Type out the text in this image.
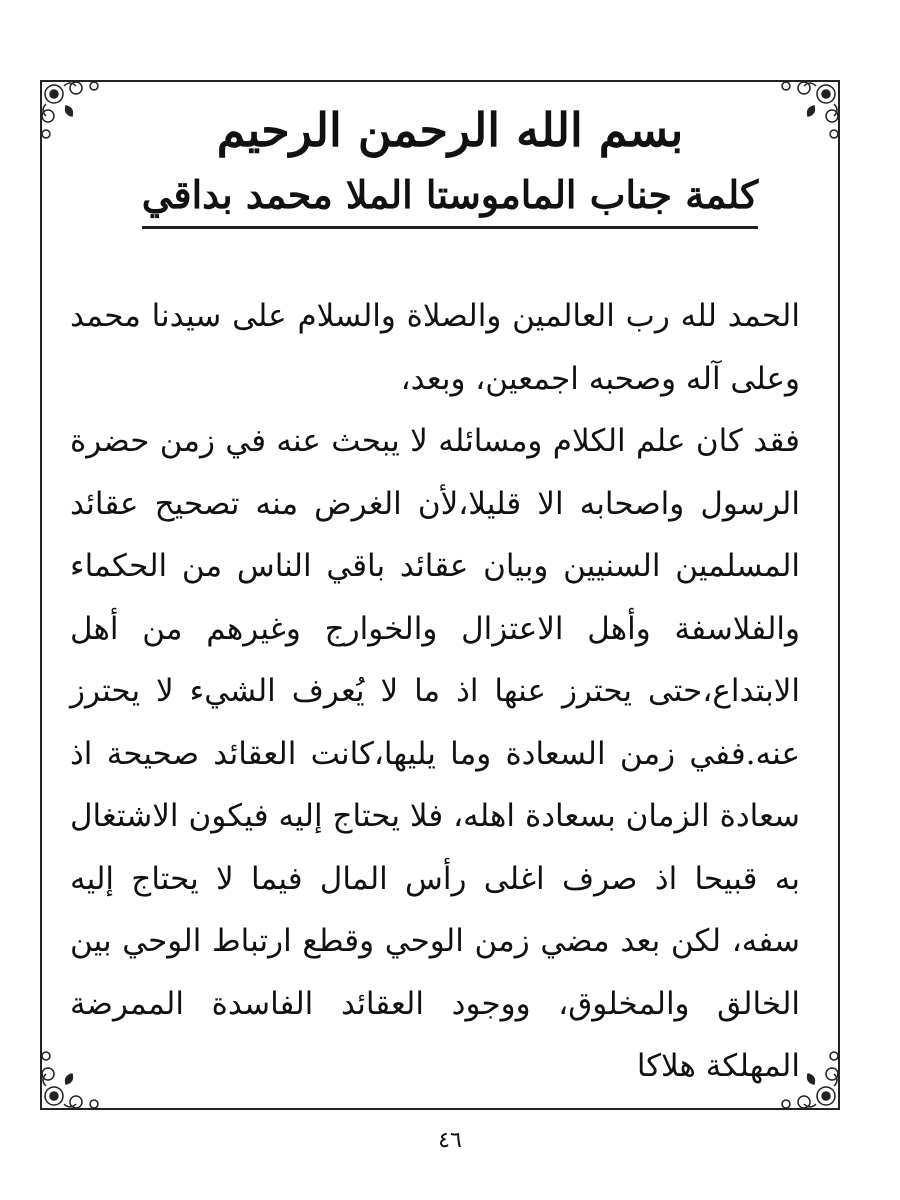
بسم الله الرحمن الرحيم

كلمة جناب الماموستا الملا محمد بداقي

الحمد لله رب العالمين والصلاة والسلام على سيدنا محمد وعلى آله وصحبه اجمعين، وبعد،

فقد كان علم الكلام ومسائله لا يبحث عنه في زمن حضرة الرسول واصحابه الا قليلا،لأن الغرض منه تصحيح عقائد المسلمين السنيين وبيان عقائد باقي الناس من الحكماء والفلاسفة وأهل الاعتزال والخوارج وغيرهم من أهل الابتداع،حتى يحترز عنها اذ ما لا يُعرف الشيء لا يحترز عنه.ففي زمن السعادة وما يليها،كانت العقائد صحيحة اذ سعادة الزمان بسعادة اهله، فلا يحتاج إليه فيكون الاشتغال به قبيحا اذ صرف اغلى رأس المال فيما لا يحتاج إليه سفه، لكن بعد مضي زمن الوحي وقطع ارتباط الوحي بين الخالق والمخلوق، ووجود العقائد الفاسدة الممرضة المهلكة هلاكا

٤٦
